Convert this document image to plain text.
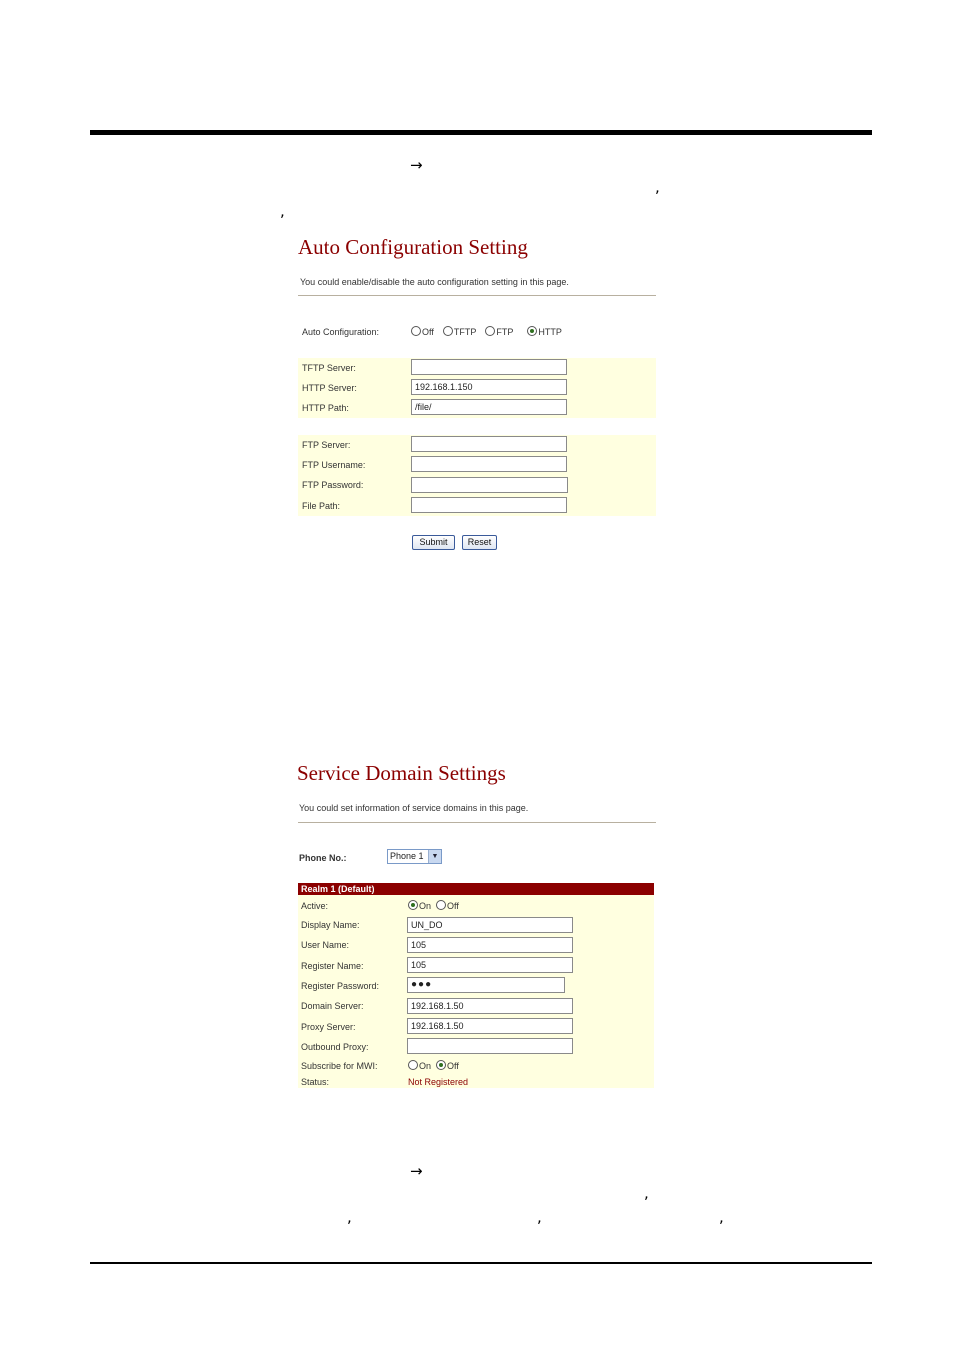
→
,
,
Auto Configuration Setting
You could enable/disable the auto configuration setting in this page.
Auto Configuration:	Off TFTP FTP	HTTP
TFTP Server:
HTTP Server:	192.168.1.150
HTTP Path:	/file/
FTP Server:
FTP Username:
FTP Password:
File Path:
Submit	Reset
Service Domain Settings
You could set information of service domains in this page.
Phone No.:	Phone 1	▼
Realm 1 (Default)
Active:	On Off
Display Name:	UN_DO
User Name:	105
Register Name:	105
Register Password:	●●●
Domain Server:	192.168.1.50
Proxy Server:	192.168.1.50
Outbound Proxy:
Subscribe for MWI:	On Off
Status:	Not Registered
→
,
,	,	,
